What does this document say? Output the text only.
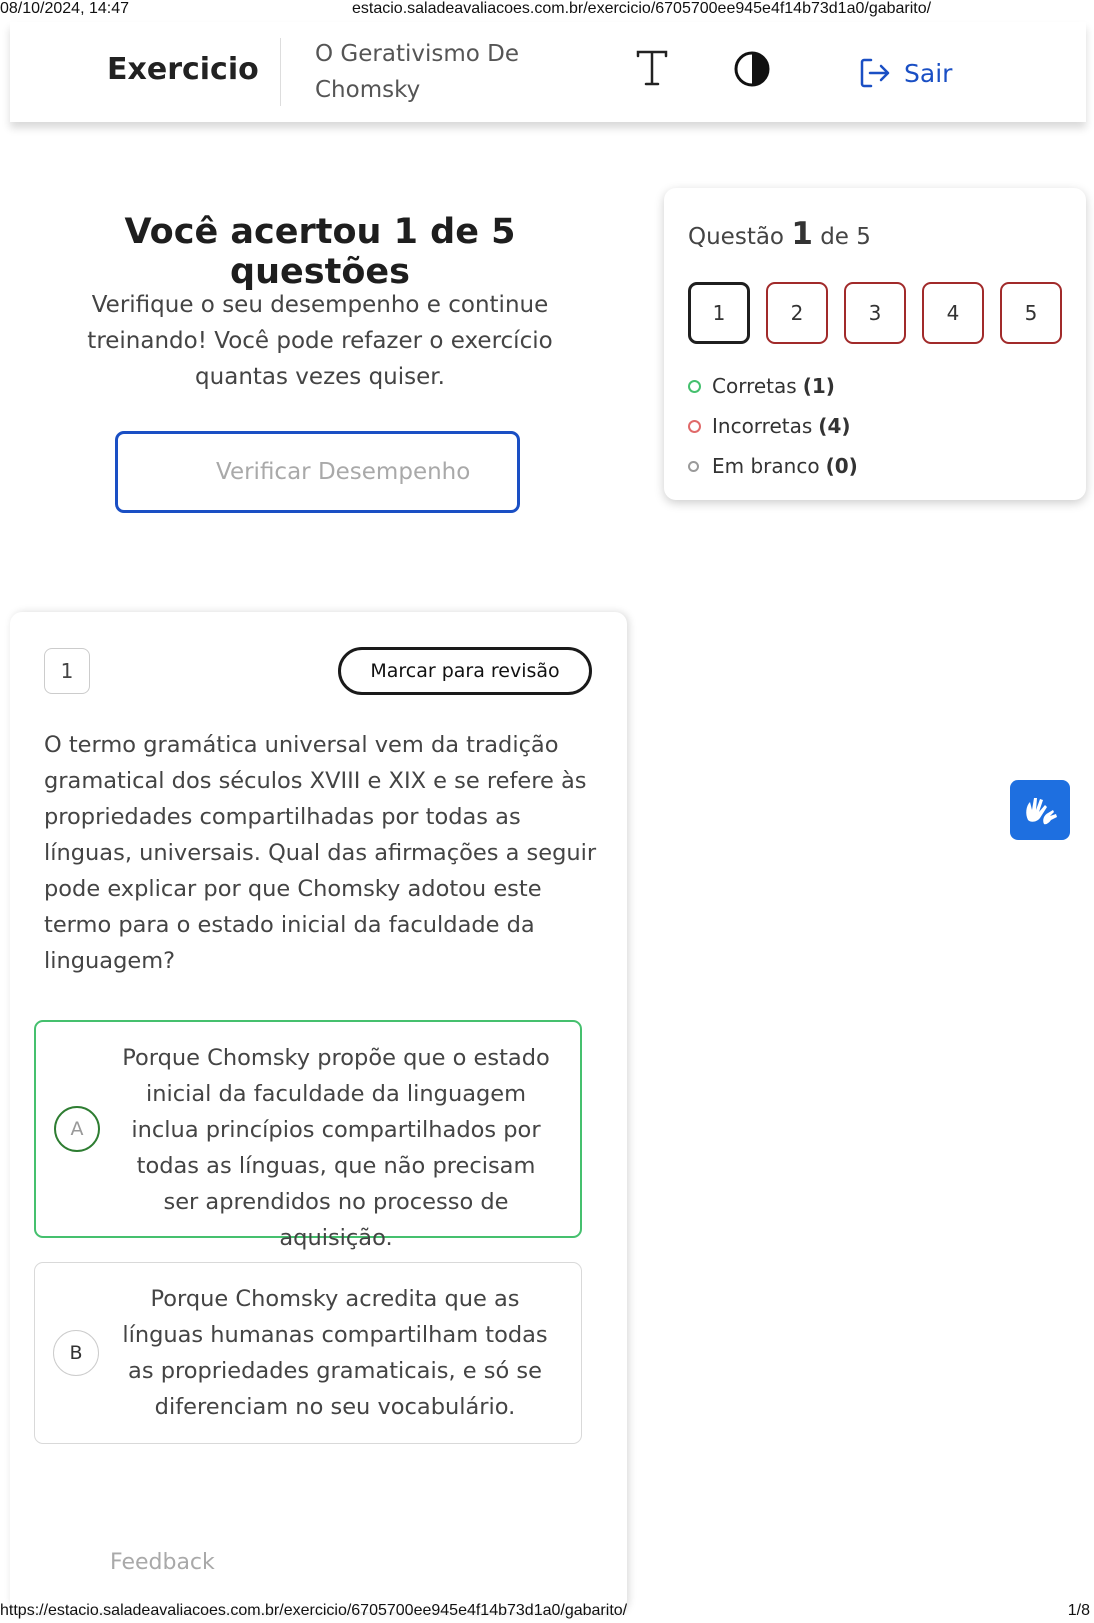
08/10/2024, 14:47	estacio.saladeavaliacoes.com.br/exercicio/6705700ee945e4f14b73d1a0/gabarito/
Exercicio O Gerativismo De Chomsky
Sair
Você acertou 1 de 5 questões
Verifique o seu desempenho e continue treinando! Você pode refazer o exercício quantas vezes quiser.
Verificar Desempenho
Questão 1 de 5
1	2	3	4	5
Corretas (1)
Incorretas (4)
Em branco (0)
1	Marcar para revisão
O termo gramática universal vem da tradição gramatical dos séculos XVIII e XIX e se refere às propriedades compartilhadas por todas as línguas, universais. Qual das afirmações a seguir pode explicar por que Chomsky adotou este termo para o estado inicial da faculdade da linguagem?
A
Porque Chomsky propõe que o estado inicial da faculdade da linguagem inclua princípios compartilhados por todas as línguas, que não precisam ser aprendidos no processo de aquisição.
B
Porque Chomsky acredita que as línguas humanas compartilham todas as propriedades gramaticais, e só se diferenciam no seu vocabulário.
Feedback
https://estacio.saladeavaliacoes.com.br/exercicio/6705700ee945e4f14b73d1a0/gabarito/	1/8
